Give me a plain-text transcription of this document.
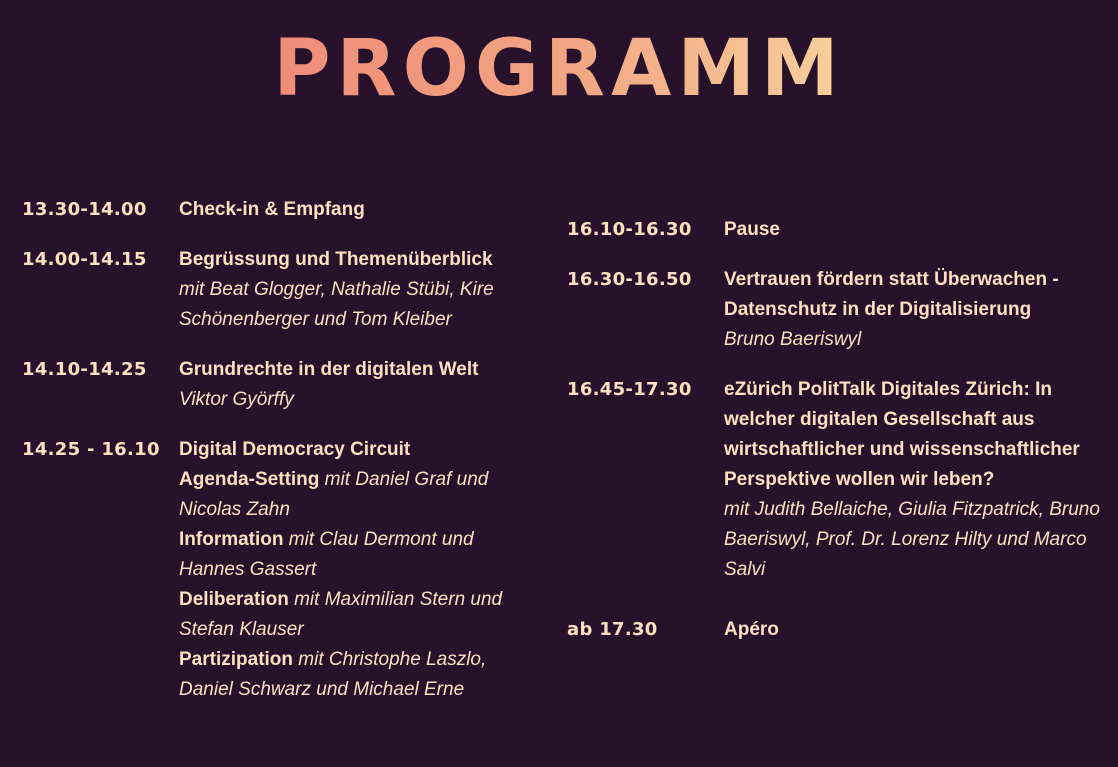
PROGRAMM
13.30-14.00	Check-in & Empfang
14.00-14.15	Begrüssung und Themenüberblick
mit Beat Glogger, Nathalie Stübi, Kire Schönenberger und Tom Kleiber
14.10-14.25	Grundrechte in der digitalen Welt
Viktor Györffy
14.25 - 16.10	Digital Democracy Circuit
Agenda-Setting mit Daniel Graf und Nicolas Zahn
Information mit Clau Dermont und Hannes Gassert
Deliberation mit Maximilian Stern und Stefan Klauser
Partizipation mit Christophe Laszlo, Daniel Schwarz und Michael Erne
16.10-16.30	Pause
16.30-16.50	Vertrauen fördern statt Überwachen - Datenschutz in der Digitalisierung
Bruno Baeriswyl
16.45-17.30	eZürich PolitTalk Digitales Zürich: In welcher digitalen Gesellschaft aus wirtschaftlicher und wissenschaftlicher Perspektive wollen wir leben?
mit Judith Bellaiche, Giulia Fitzpatrick, Bruno Baeriswyl, Prof. Dr. Lorenz Hilty und Marco Salvi
ab 17.30	Apéro
